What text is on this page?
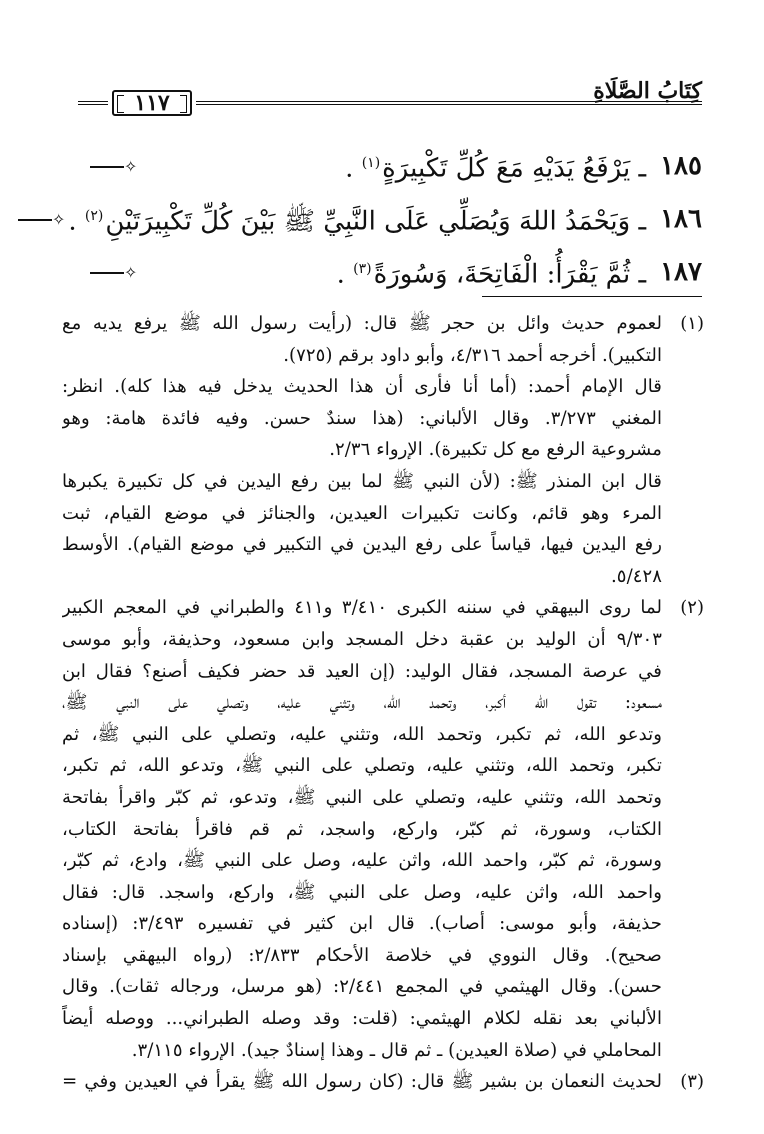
كِتَابُ الصَّلَاةِ
١١٧
١٨٥
ـ يَرْفَعُ يَدَيْهِ مَعَ كُلِّ تَكْبِيرَةٍ$^{(١)}$ .
✧
١٨٦
ـ وَيَحْمَدُ اللهَ وَيُصَلِّي عَلَى النَّبِيِّ ﷺ بَيْنَ كُلِّ تَكْبِيرَتَيْنِ$^{(٢)}$ .
✧
١٨٧
ـ ثُمَّ يَقْرَأُ: الْفَاتِحَةَ، وَسُورَةً$^{(٣)}$ .
✧
(١)
لعموم حديث وائل بن حجر ﷺ قال: (رأيت رسول الله ﷺ يرفع يديه مع
التكبير). أخرجه أحمد ٤/٣١٦، وأبو داود برقم (٧٢٥).
قال الإمام أحمد: (أما أنا فأرى أن هذا الحديث يدخل فيه هذا كله). انظر:
المغني ٣/٢٧٣. وقال الألباني: (هذا سندٌ حسن. وفيه فائدة هامة: وهو
مشروعية الرفع مع كل تكبيرة). الإرواء ٢/٣٦.
قال ابن المنذر ﷺ: (لأن النبي ﷺ لما بين رفع اليدين في كل تكبيرة يكبرها
المرء وهو قائم، وكانت تكبيرات العيدين، والجنائز في موضع القيام، ثبت
رفع اليدين فيها، قياساً على رفع اليدين في التكبير في موضع القيام). الأوسط
٥/٤٢٨.
(٢)
لما روى البيهقي في سننه الكبرى ٣/٤١٠ و٤١١ والطبراني في المعجم الكبير
٩/٣٠٣ أن الوليد بن عقبة دخل المسجد وابن مسعود، وحذيفة، وأبو موسى
في عرصة المسجد، فقال الوليد: (إن العيد قد حضر فكيف أصنع؟ فقال ابن
مسعود: تقول الله أكبر، وتحمد الله، وتثني عليه، وتصلي على النبي ﷺ،
وتدعو الله، ثم تكبر، وتحمد الله، وتثني عليه، وتصلي على النبي ﷺ، ثم
تكبر، وتحمد الله، وتثني عليه، وتصلي على النبي ﷺ، وتدعو الله، ثم تكبر،
وتحمد الله، وتثني عليه، وتصلي على النبي ﷺ، وتدعو، ثم كبّر واقرأ بفاتحة
الكتاب، وسورة، ثم كبّر، واركع، واسجد، ثم قم فاقرأ بفاتحة الكتاب،
وسورة، ثم كبّر، واحمد الله، واثن عليه، وصل على النبي ﷺ، وادع، ثم كبّر،
واحمد الله، واثن عليه، وصل على النبي ﷺ، واركع، واسجد. قال: فقال
حذيفة، وأبو موسى: أصاب). قال ابن كثير في تفسيره ٣/٤٩٣: (إسناده
صحيح). وقال النووي في خلاصة الأحكام ٢/٨٣٣: (رواه البيهقي بإسناد
حسن). وقال الهيثمي في المجمع ٢/٤٤١: (هو مرسل، ورجاله ثقات). وقال
الألباني بعد نقله لكلام الهيثمي: (قلت: وقد وصله الطبراني... ووصله أيضاً
المحاملي في (صلاة العيدين) ـ ثم قال ـ وهذا إسنادٌ جيد). الإرواء ٣/١١٥.
(٣)
لحديث النعمان بن بشير ﷺ قال: (كان رسول الله ﷺ يقرأ في العيدين وفي =
